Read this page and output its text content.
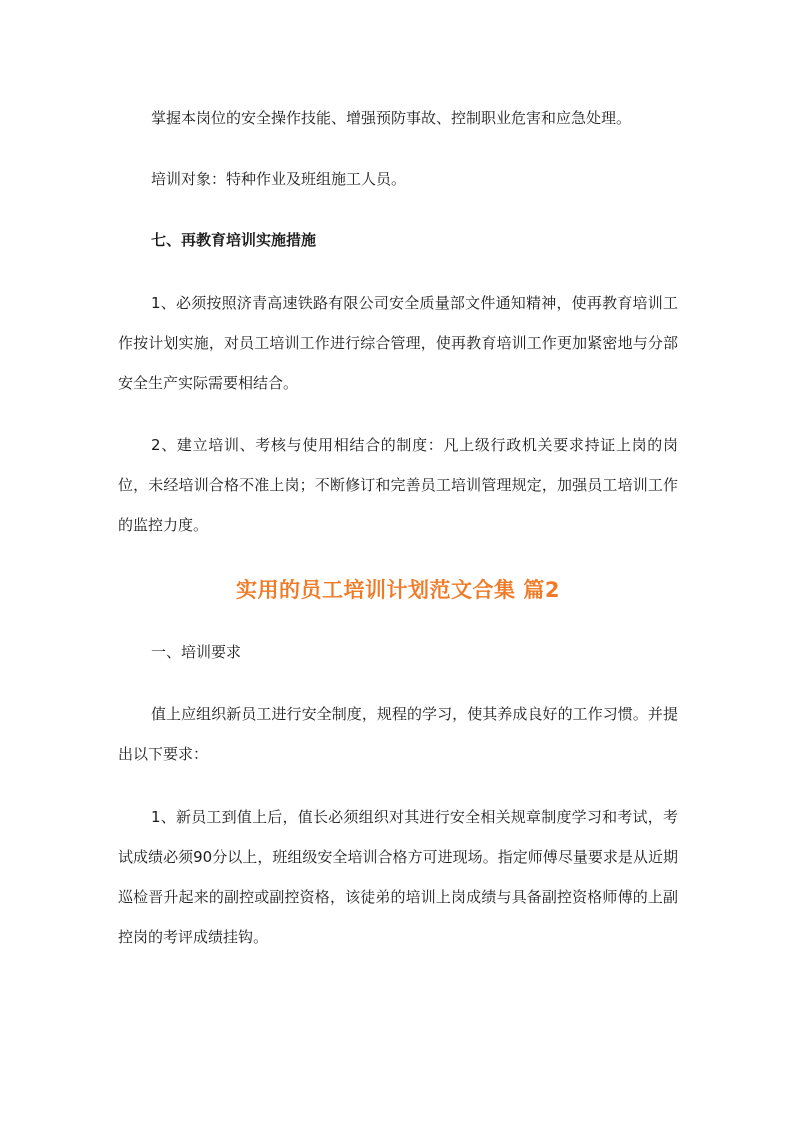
掌握本岗位的安全操作技能、增强预防事故、控制职业危害和应急处理。

培训对象：特种作业及班组施工人员。

七、再教育培训实施措施

1、必须按照济青高速铁路有限公司安全质量部文件通知精神，使再教育培训工作按计划实施，对员工培训工作进行综合管理，使再教育培训工作更加紧密地与分部安全生产实际需要相结合。

2、建立培训、考核与使用相结合的制度：凡上级行政机关要求持证上岗的岗位，未经培训合格不准上岗；不断修订和完善员工培训管理规定，加强员工培训工作的监控力度。

实用的员工培训计划范文合集 篇2

一、培训要求

值上应组织新员工进行安全制度，规程的学习，使其养成良好的工作习惯。并提出以下要求：

1、新员工到值上后，值长必须组织对其进行安全相关规章制度学习和考试，考试成绩必须90分以上，班组级安全培训合格方可进现场。指定师傅尽量要求是从近期巡检晋升起来的副控或副控资格，该徒弟的培训上岗成绩与具备副控资格师傅的上副控岗的考评成绩挂钩。
